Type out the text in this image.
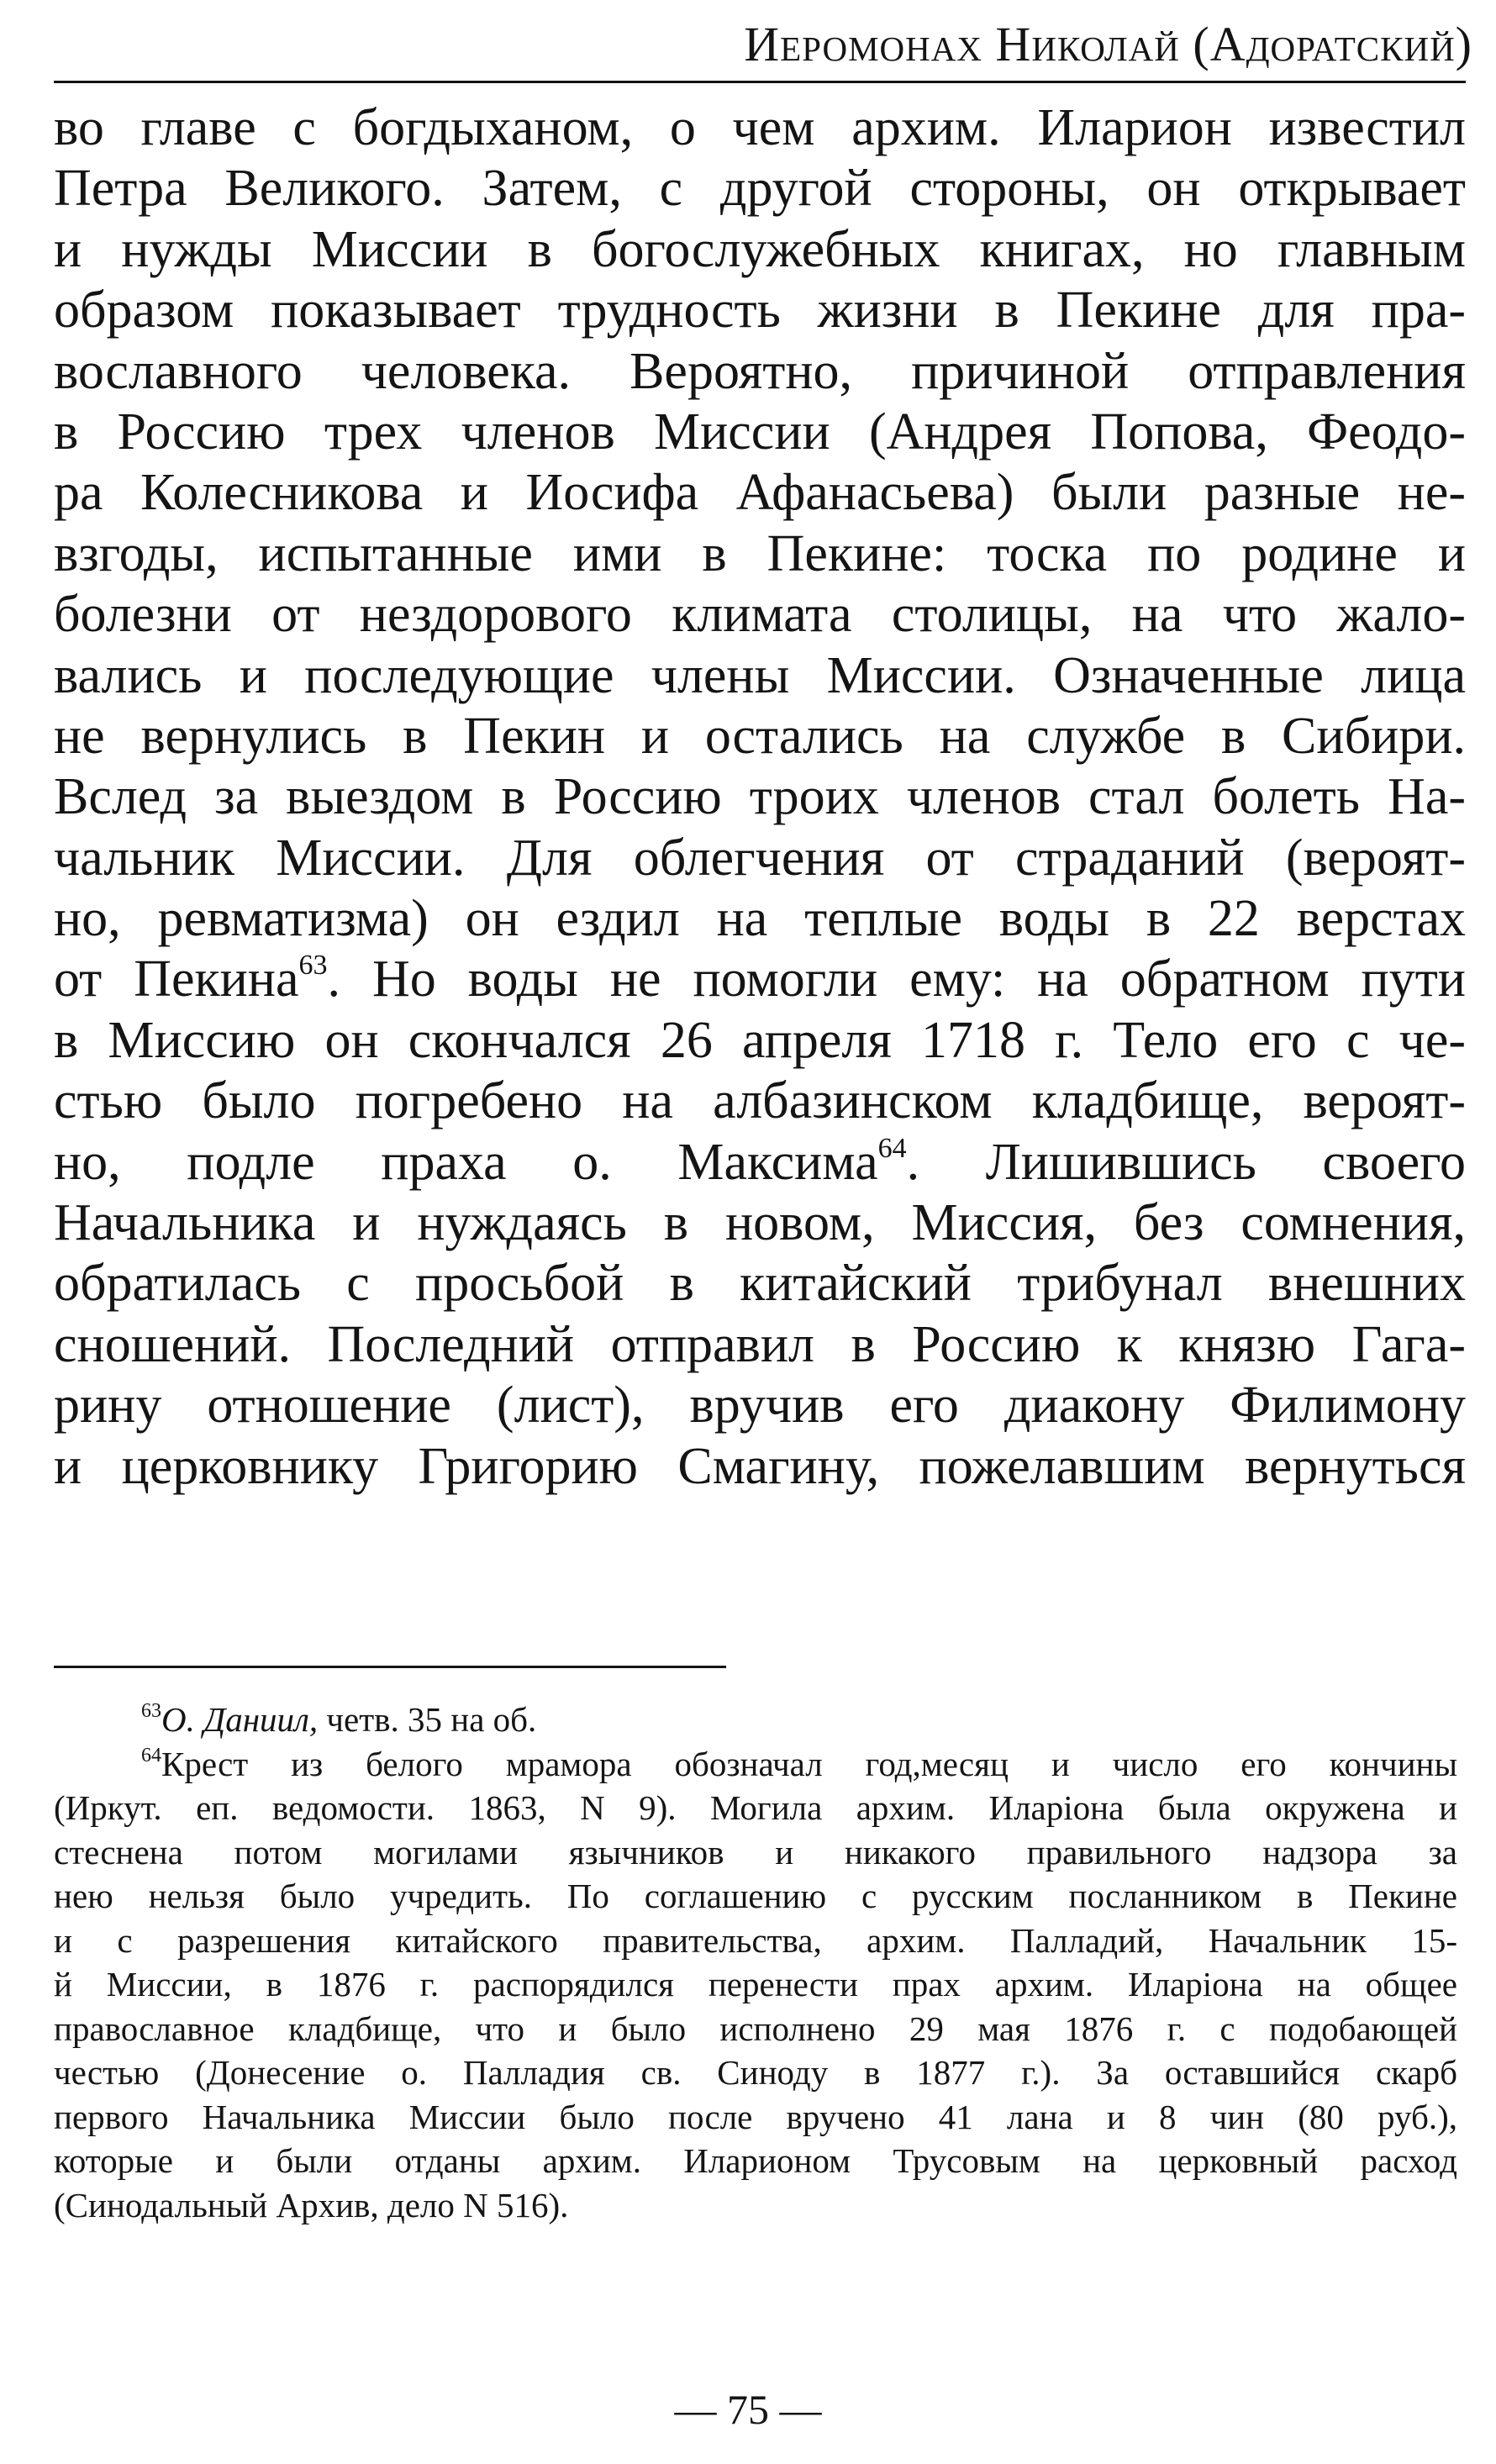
Иеромонах Николай (Адоратский)
во главе с богдыханом, о чем архим. Иларион известил
Петра Великого. Затем, с другой стороны, он открывает
и нужды Миссии в богослужебных книгах, но главным
образом показывает трудность жизни в Пекине для пра-
вославного человека. Вероятно, причиной отправления
в Россию трех членов Миссии (Андрея Попова, Феодо-
ра Колесникова и Иосифа Афанасьева) были разные не-
взгоды, испытанные ими в Пекине: тоска по родине и
болезни от нездорового климата столицы, на что жало-
вались и последующие члены Миссии. Означенные лица
не вернулись в Пекин и остались на службе в Сибири.
Вслед за выездом в Россию троих членов стал болеть На-
чальник Миссии. Для облегчения от страданий (вероят-
но, ревматизма) он ездил на теплые воды в 22 верстах
от Пекина$^{63}$. Но воды не помогли ему: на обратном пути
в Миссию он скончался 26 апреля 1718 г. Тело его с че-
стью было погребено на албазинском кладбище, вероят-
но, подле праха о. Максима$^{64}$. Лишившись своего
Начальника и нуждаясь в новом, Миссия, без сомнения,
обратилась с просьбой в китайский трибунал внешних
сношений. Последний отправил в Россию к князю Гага-
рину отношение (лист), вручив его диакону Филимону
и церковнику Григорию Смагину, пожелавшим вернуться
$^{63}$О. Даниил, четв. 35 на об.
$^{64}$Крест из белого мрамора обозначал год,месяц и число его кончины
(Иркут. еп. ведомости. 1863, N 9). Могила архим. Иларіона была окружена и
стеснена потом могилами язычников и никакого правильного надзора за
нею нельзя было учредить. По соглашению с русским посланником в Пекине
и с разрешения китайского правительства, архим. Палладий, Начальник 15-
й Миссии, в 1876 г. распорядился перенести прах архим. Иларіона на общее
православное кладбище, что и было исполнено 29 мая 1876 г. с подобающей
честью (Донесение о. Палладия св. Синоду в 1877 г.). За оставшийся скарб
первого Начальника Миссии было после вручено 41 лана и 8 чин (80 руб.),
которые и были отданы архим. Иларионом Трусовым на церковный расход
(Синодальный Архив, дело N 516).
— 75 —
